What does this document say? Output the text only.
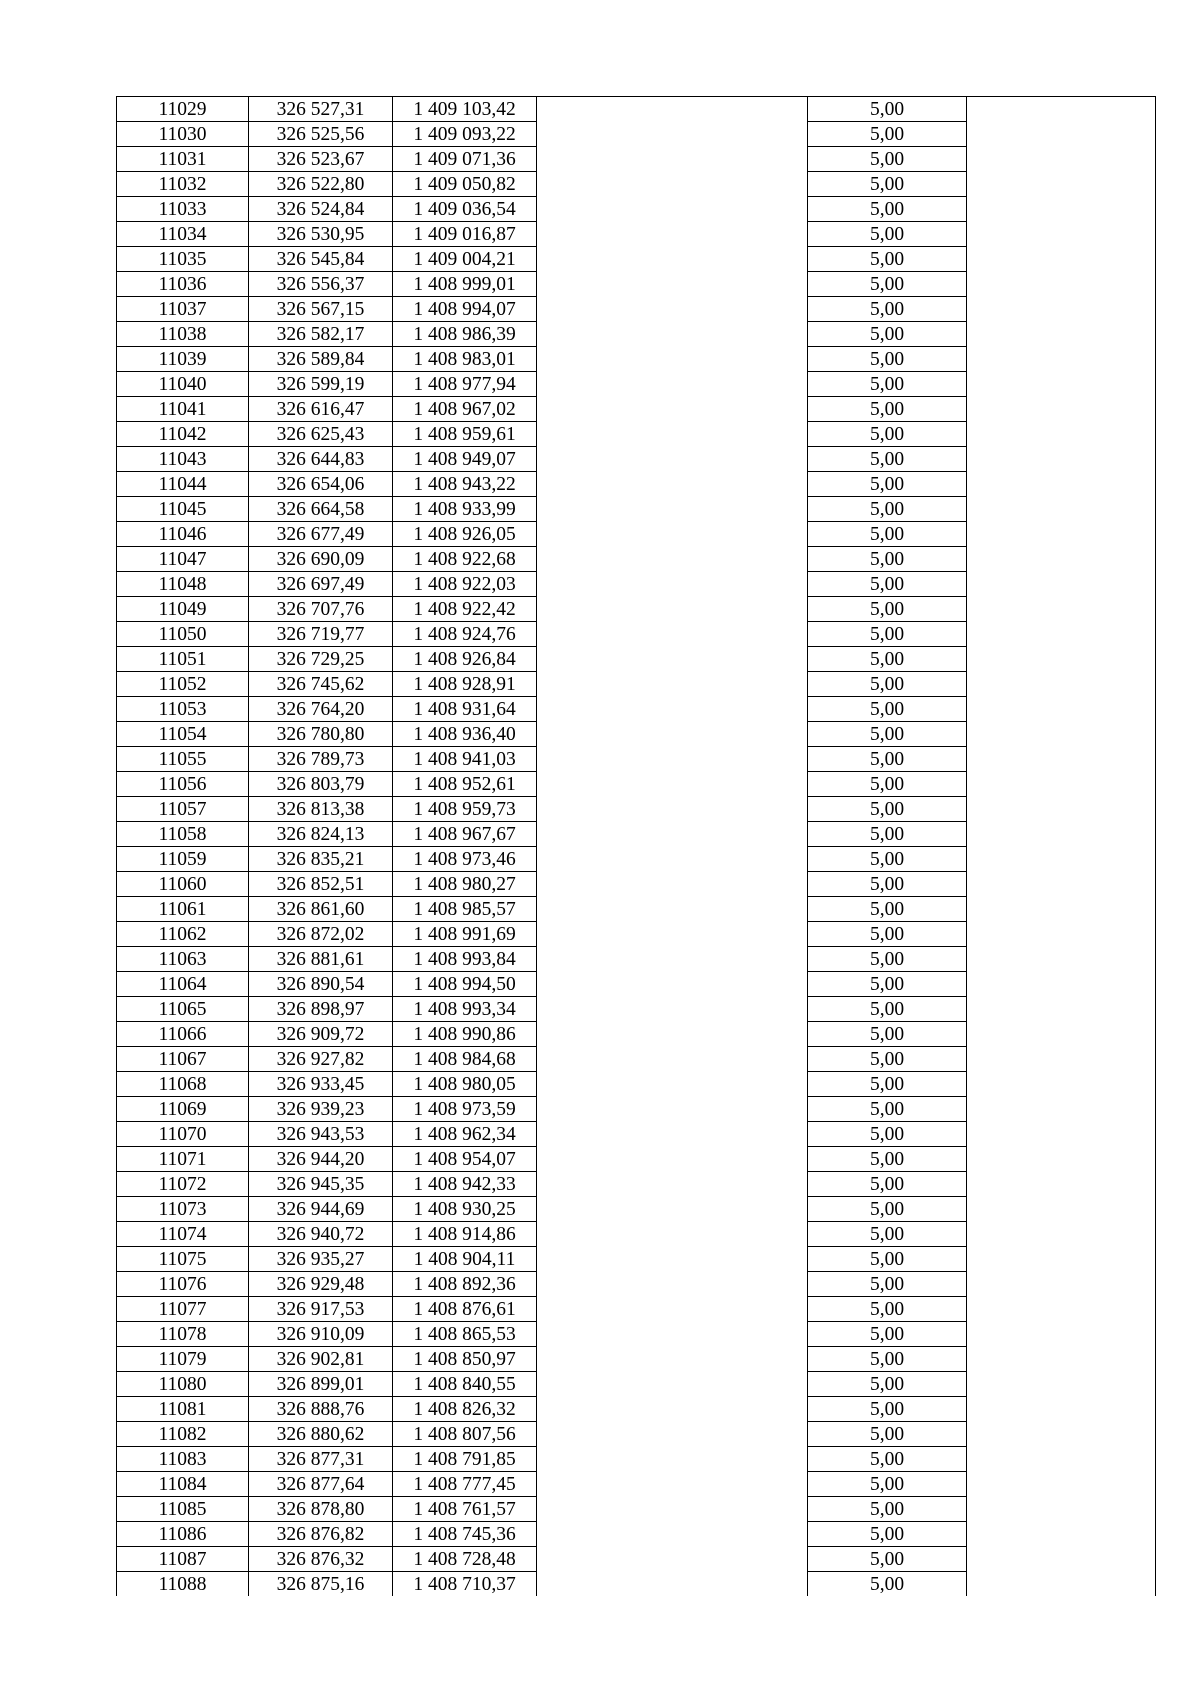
11029	326 527,31	1 409 103,42		5,00	
11030	326 525,56	1 409 093,22		5,00	
11031	326 523,67	1 409 071,36		5,00	
11032	326 522,80	1 409 050,82		5,00	
11033	326 524,84	1 409 036,54		5,00	
11034	326 530,95	1 409 016,87		5,00	
11035	326 545,84	1 409 004,21		5,00	
11036	326 556,37	1 408 999,01		5,00	
11037	326 567,15	1 408 994,07		5,00	
11038	326 582,17	1 408 986,39		5,00	
11039	326 589,84	1 408 983,01		5,00	
11040	326 599,19	1 408 977,94		5,00	
11041	326 616,47	1 408 967,02		5,00	
11042	326 625,43	1 408 959,61		5,00	
11043	326 644,83	1 408 949,07		5,00	
11044	326 654,06	1 408 943,22		5,00	
11045	326 664,58	1 408 933,99		5,00	
11046	326 677,49	1 408 926,05		5,00	
11047	326 690,09	1 408 922,68		5,00	
11048	326 697,49	1 408 922,03		5,00	
11049	326 707,76	1 408 922,42		5,00	
11050	326 719,77	1 408 924,76		5,00	
11051	326 729,25	1 408 926,84		5,00	
11052	326 745,62	1 408 928,91		5,00	
11053	326 764,20	1 408 931,64		5,00	
11054	326 780,80	1 408 936,40		5,00	
11055	326 789,73	1 408 941,03		5,00	
11056	326 803,79	1 408 952,61		5,00	
11057	326 813,38	1 408 959,73		5,00	
11058	326 824,13	1 408 967,67		5,00	
11059	326 835,21	1 408 973,46		5,00	
11060	326 852,51	1 408 980,27		5,00	
11061	326 861,60	1 408 985,57		5,00	
11062	326 872,02	1 408 991,69		5,00	
11063	326 881,61	1 408 993,84		5,00	
11064	326 890,54	1 408 994,50		5,00	
11065	326 898,97	1 408 993,34		5,00	
11066	326 909,72	1 408 990,86		5,00	
11067	326 927,82	1 408 984,68		5,00	
11068	326 933,45	1 408 980,05		5,00	
11069	326 939,23	1 408 973,59		5,00	
11070	326 943,53	1 408 962,34		5,00	
11071	326 944,20	1 408 954,07		5,00	
11072	326 945,35	1 408 942,33		5,00	
11073	326 944,69	1 408 930,25		5,00	
11074	326 940,72	1 408 914,86		5,00	
11075	326 935,27	1 408 904,11		5,00	
11076	326 929,48	1 408 892,36		5,00	
11077	326 917,53	1 408 876,61		5,00	
11078	326 910,09	1 408 865,53		5,00	
11079	326 902,81	1 408 850,97		5,00	
11080	326 899,01	1 408 840,55		5,00	
11081	326 888,76	1 408 826,32		5,00	
11082	326 880,62	1 408 807,56		5,00	
11083	326 877,31	1 408 791,85		5,00	
11084	326 877,64	1 408 777,45		5,00	
11085	326 878,80	1 408 761,57		5,00	
11086	326 876,82	1 408 745,36		5,00	
11087	326 876,32	1 408 728,48		5,00	
11088	326 875,16	1 408 710,37		5,00	
